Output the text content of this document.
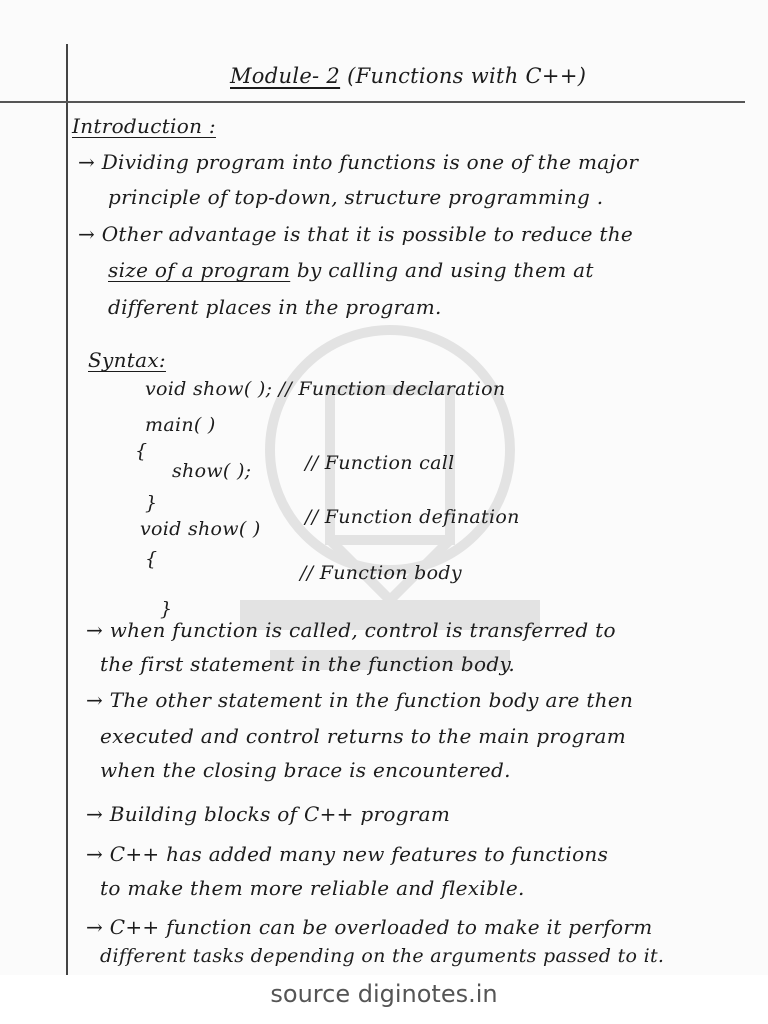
Module- 2 (Functions with C++)
Introduction :
→ Dividing program into functions is one of the major
principle of top-down, structure programming .
→ Other advantage is that it is possible to reduce the
size of a program by calling and using them at
different places in the program.
Syntax:
void show( ); // Function declaration
main( )
{
show( );	// Function call
}
void show( )
// Function defination
{
// Function body
}
→ when function is called, control is transferred to
the first statement in the function body.
→ The other statement in the function body are then
executed and control returns to the main program
when the closing brace is encountered.
→ Building blocks of C++ program
→ C++ has added many new features to functions
to make them more reliable and flexible.
→ C++ function can be overloaded to make it perform
different tasks depending on the arguments passed to it.
source diginotes.in
